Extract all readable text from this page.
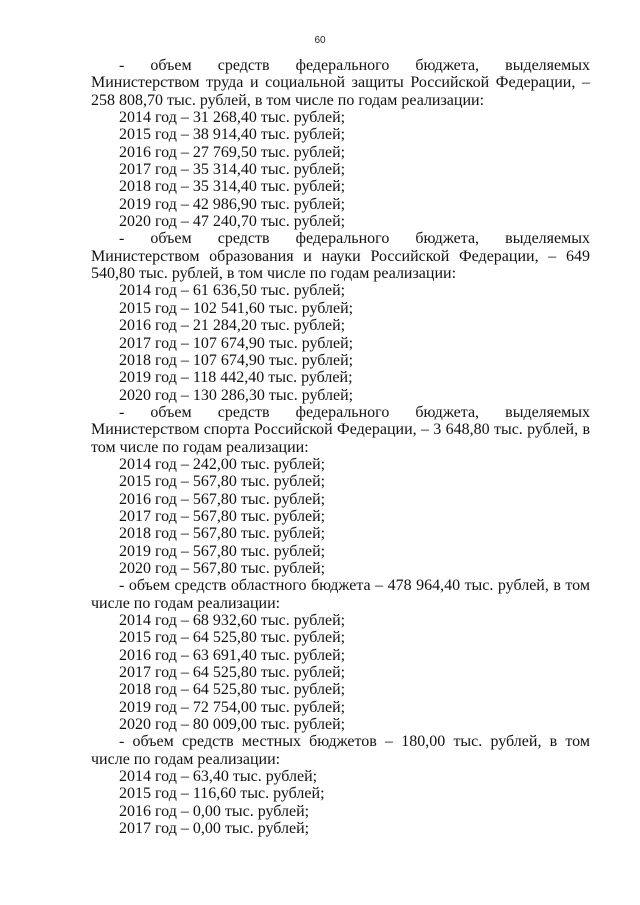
60

- объем средств федерального бюджета, выделяемых Министерством труда и социальной защиты Российской Федерации, – 258 808,70 тыс. рублей, в том числе по годам реализации:

2014 год – 31 268,40 тыс. рублей;

2015 год – 38 914,40 тыс. рублей;

2016 год – 27 769,50 тыс. рублей;

2017 год – 35 314,40 тыс. рублей;

2018 год – 35 314,40 тыс. рублей;

2019 год – 42 986,90 тыс. рублей;

2020 год – 47 240,70 тыс. рублей;

- объем средств федерального бюджета, выделяемых Министерством образования и науки Российской Федерации, – 649 540,80 тыс. рублей, в том числе по годам реализации:

2014 год – 61 636,50 тыс. рублей;

2015 год – 102 541,60 тыс. рублей;

2016 год – 21 284,20 тыс. рублей;

2017 год – 107 674,90 тыс. рублей;

2018 год – 107 674,90 тыс. рублей;

2019 год – 118 442,40 тыс. рублей;

2020 год – 130 286,30 тыс. рублей;

- объем средств федерального бюджета, выделяемых Министерством спорта Российской Федерации, – 3 648,80 тыс. рублей, в том числе по годам реализации:

2014 год – 242,00 тыс. рублей;

2015 год – 567,80 тыс. рублей;

2016 год – 567,80 тыс. рублей;

2017 год – 567,80 тыс. рублей;

2018 год – 567,80 тыс. рублей;

2019 год – 567,80 тыс. рублей;

2020 год – 567,80 тыс. рублей;

- объем средств областного бюджета – 478 964,40 тыс. рублей, в том числе по годам реализации:

2014 год – 68 932,60 тыс. рублей;

2015 год – 64 525,80 тыс. рублей;

2016 год – 63 691,40 тыс. рублей;

2017 год – 64 525,80 тыс. рублей;

2018 год – 64 525,80 тыс. рублей;

2019 год – 72 754,00 тыс. рублей;

2020 год – 80 009,00 тыс. рублей;

- объем средств местных бюджетов – 180,00 тыс. рублей, в том числе по годам реализации:

2014 год – 63,40 тыс. рублей;

2015 год – 116,60 тыс. рублей;

2016 год – 0,00 тыс. рублей;

2017 год – 0,00 тыс. рублей;
